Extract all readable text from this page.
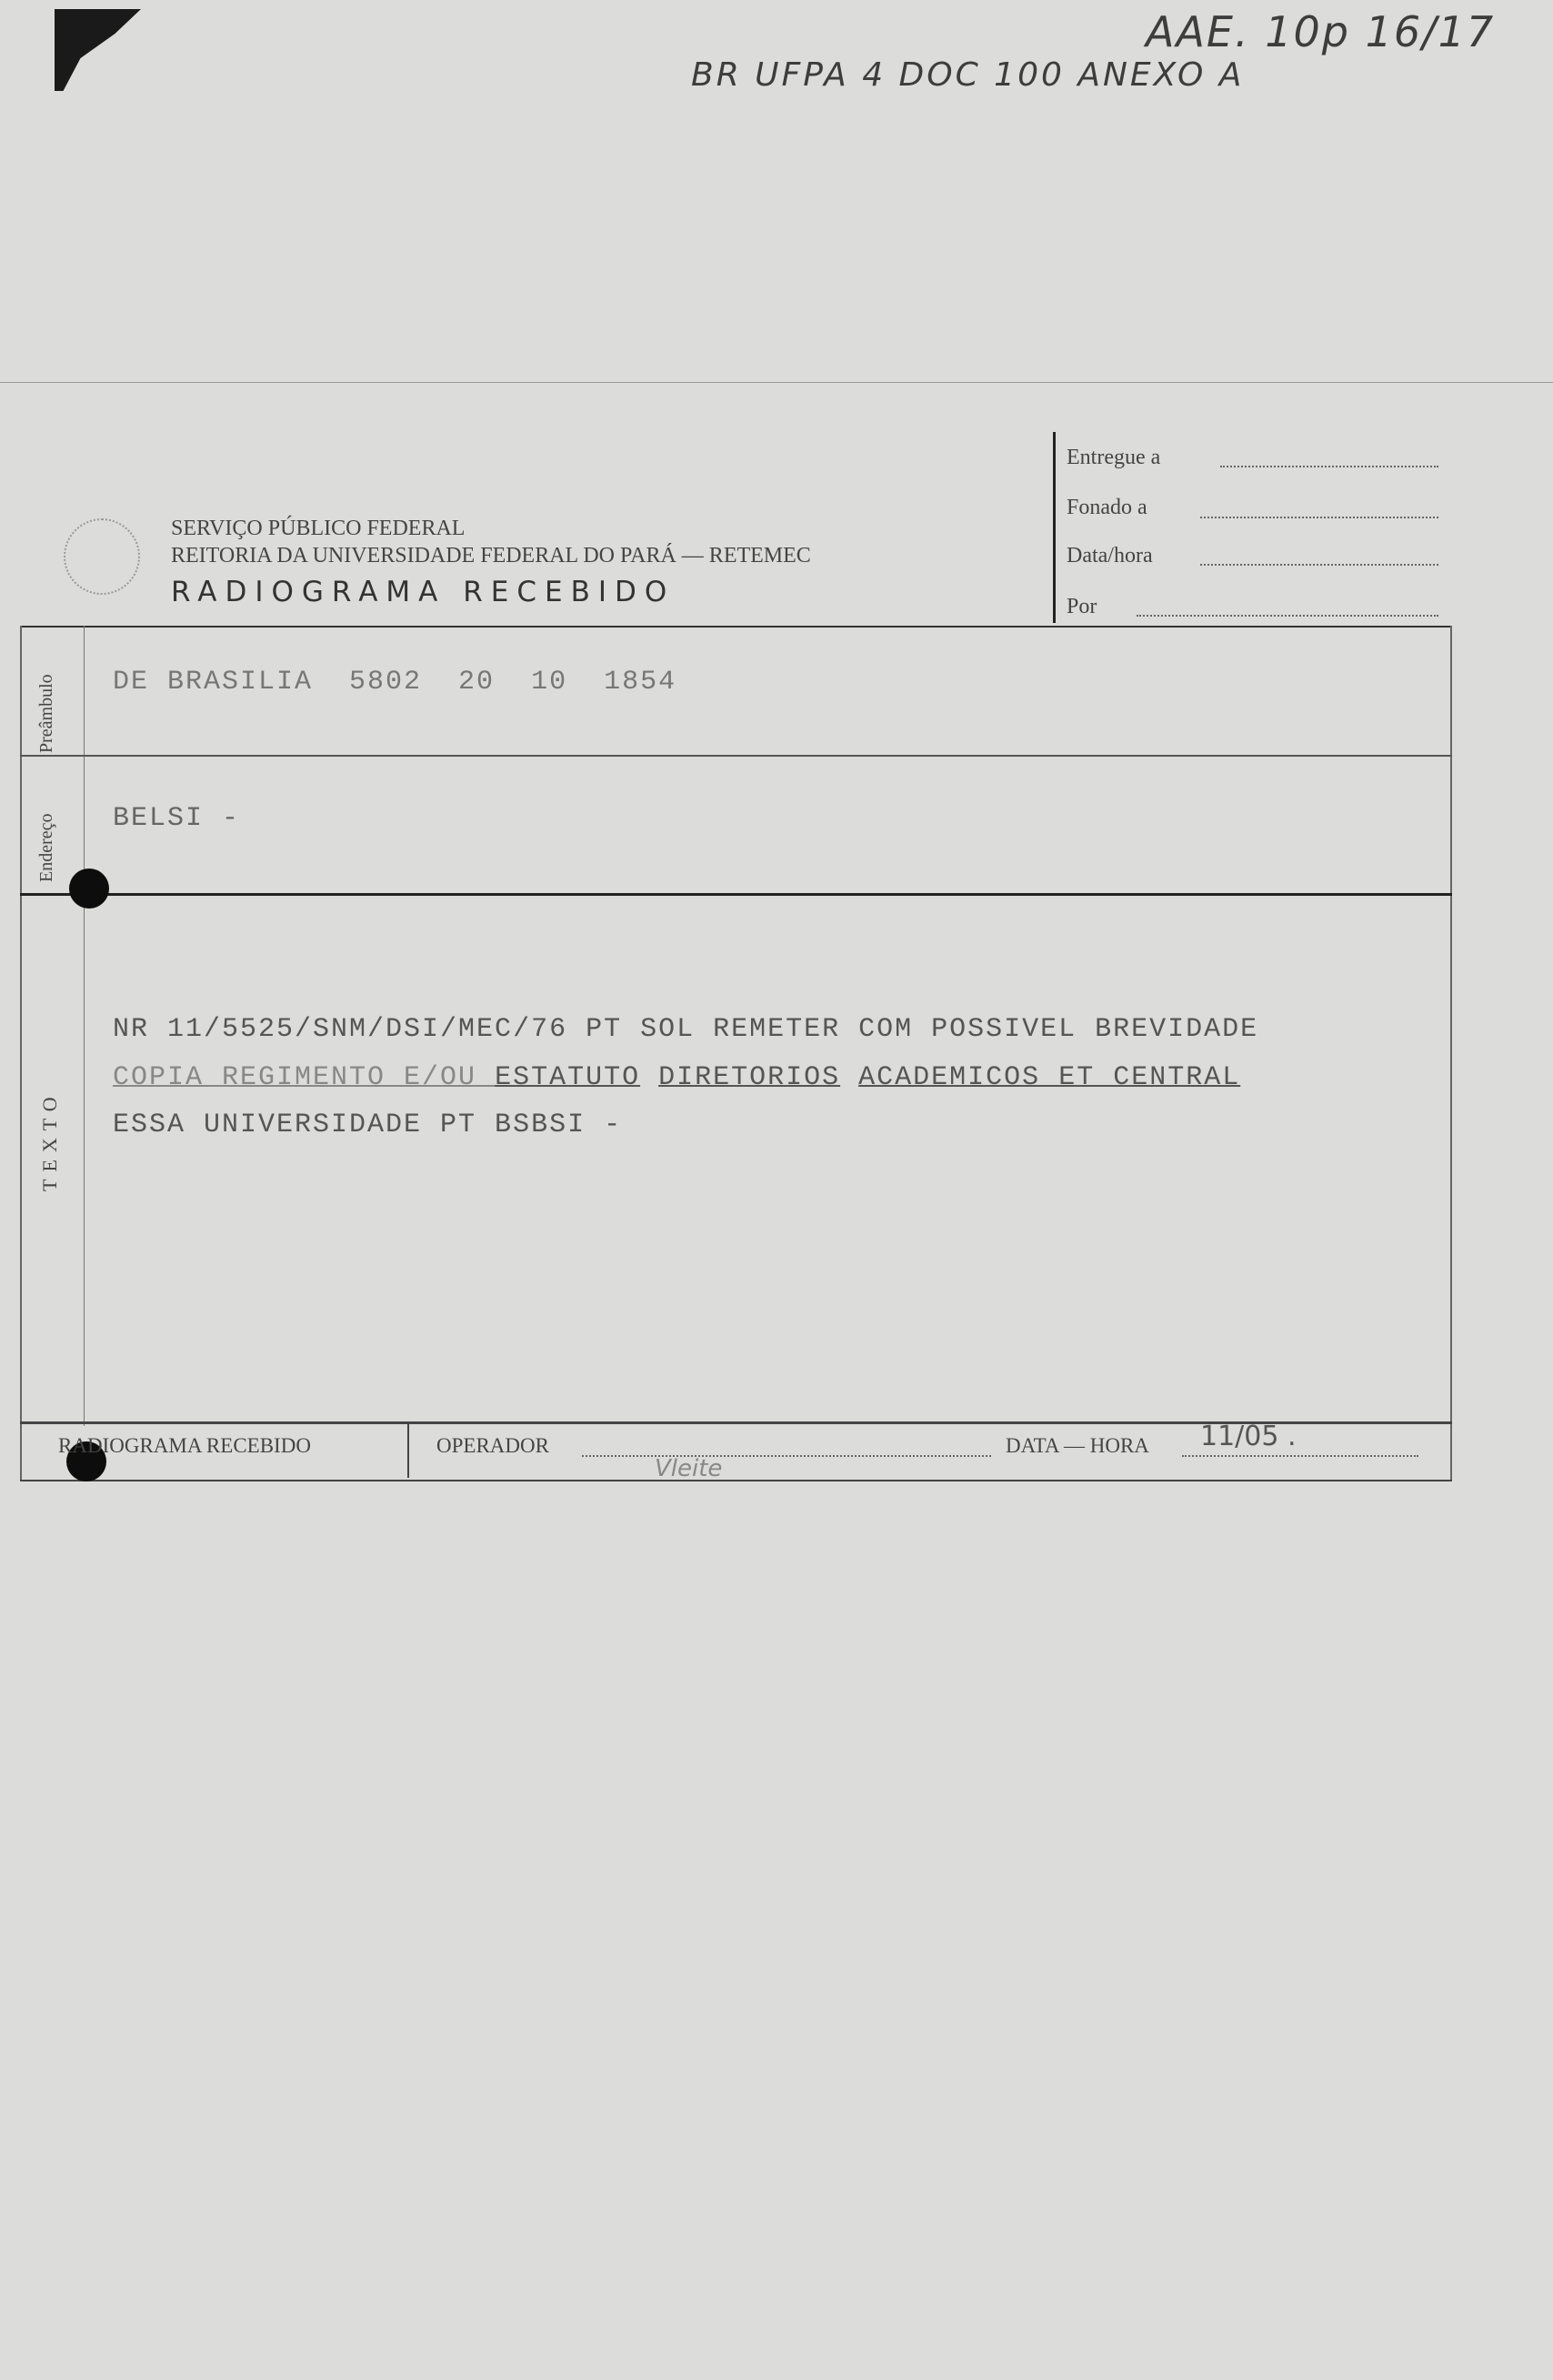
AAE. 10p 16/17
BR UFPA 4 DOC 100 ANEXO A
SERVIÇO PÚBLICO FEDERAL
REITORIA DA UNIVERSIDADE FEDERAL DO PARÁ — RETEMEC
RADIOGRAMA RECEBIDO
Entregue a
Fonado a
Data/hora
Por
Preâmbulo
Endereço
TEXTO
DE BRASILIA  5802  20  10  1854
BELSI -
NR 11/5525/SNM/DSI/MEC/76 PT SOL REMETER COM POSSIVEL BREVIDADE
COPIA REGIMENTO E/OU ESTATUTO DIRETORIOS ACADEMICOS ET CENTRAL
ESSA UNIVERSIDADE PT BSBSI -
RADIOGRAMA RECEBIDO	OPERADOR
Vleite
DATA — HORA 11/05 .
